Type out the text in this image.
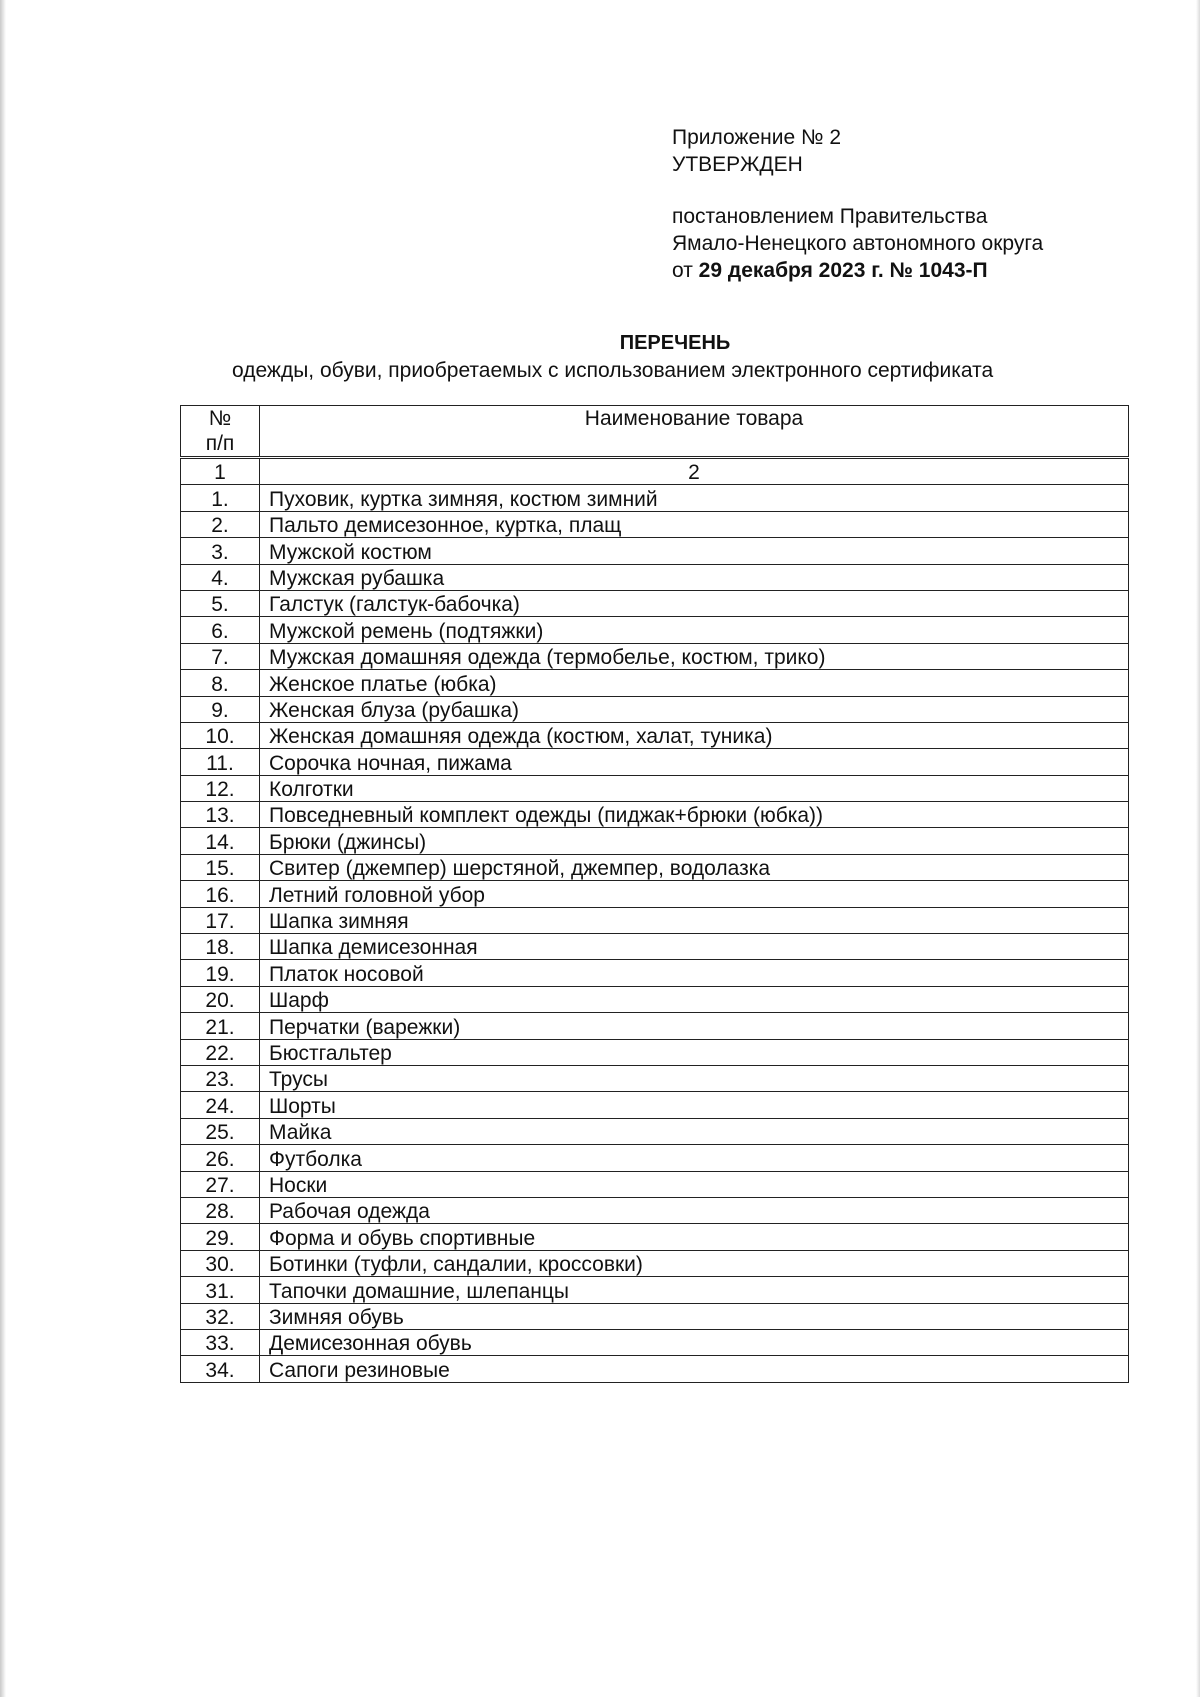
Приложение № 2
УТВЕРЖДЕН
постановлением Правительства
Ямало-Ненецкого автономного округа
от 29 декабря 2023 г. № 1043-П
ПЕРЕЧЕНЬ
одежды, обуви, приобретаемых с использованием электронного сертификата
№
п/п	Наименование товара
1	2
1.	Пуховик, куртка зимняя, костюм зимний
2.	Пальто демисезонное, куртка, плащ
3.	Мужской костюм
4.	Мужская рубашка
5.	Галстук (галстук-бабочка)
6.	Мужской ремень (подтяжки)
7.	Мужская домашняя одежда (термобелье, костюм, трико)
8.	Женское платье (юбка)
9.	Женская блуза (рубашка)
10.	Женская домашняя одежда (костюм, халат, туника)
11.	Сорочка ночная, пижама
12.	Колготки
13.	Повседневный комплект одежды (пиджак+брюки (юбка))
14.	Брюки (джинсы)
15.	Свитер (джемпер) шерстяной, джемпер, водолазка
16.	Летний головной убор
17.	Шапка зимняя
18.	Шапка демисезонная
19.	Платок носовой
20.	Шарф
21.	Перчатки (варежки)
22.	Бюстгальтер
23.	Трусы
24.	Шорты
25.	Майка
26.	Футболка
27.	Носки
28.	Рабочая одежда
29.	Форма и обувь спортивные
30.	Ботинки (туфли, сандалии, кроссовки)
31.	Тапочки домашние, шлепанцы
32.	Зимняя обувь
33.	Демисезонная обувь
34.	Сапоги резиновые
